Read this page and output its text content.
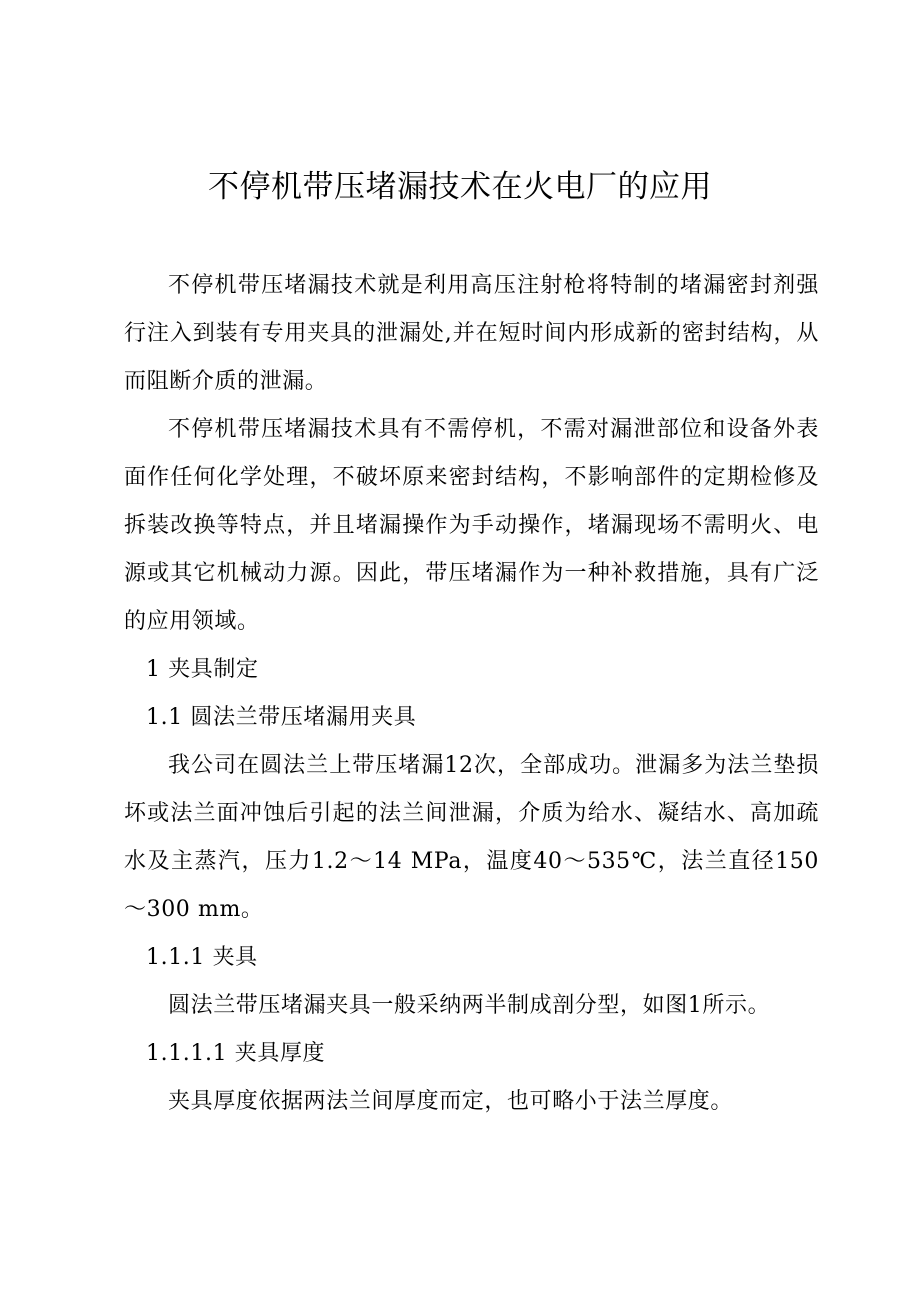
不停机带压堵漏技术在火电厂的应用

不停机带压堵漏技术就是利用高压注射枪将特制的堵漏密封剂强行注入到装有专用夹具的泄漏处,并在短时间内形成新的密封结构，从而阻断介质的泄漏。

不停机带压堵漏技术具有不需停机，不需对漏泄部位和设备外表面作任何化学处理，不破坏原来密封结构，不影响部件的定期检修及拆装改换等特点，并且堵漏操作为手动操作，堵漏现场不需明火、电源或其它机械动力源。因此，带压堵漏作为一种补救措施，具有广泛的应用领域。

1 夹具制定

1.1 圆法兰带压堵漏用夹具

我公司在圆法兰上带压堵漏12次，全部成功。泄漏多为法兰垫损坏或法兰面冲蚀后引起的法兰间泄漏，介质为给水、凝结水、高加疏水及主蒸汽，压力1.2～14 MPa，温度40～535℃，法兰直径150～300 mm。

1.1.1 夹具

圆法兰带压堵漏夹具一般采纳两半制成剖分型，如图1所示。

1.1.1.1 夹具厚度

夹具厚度依据两法兰间厚度而定，也可略小于法兰厚度。
